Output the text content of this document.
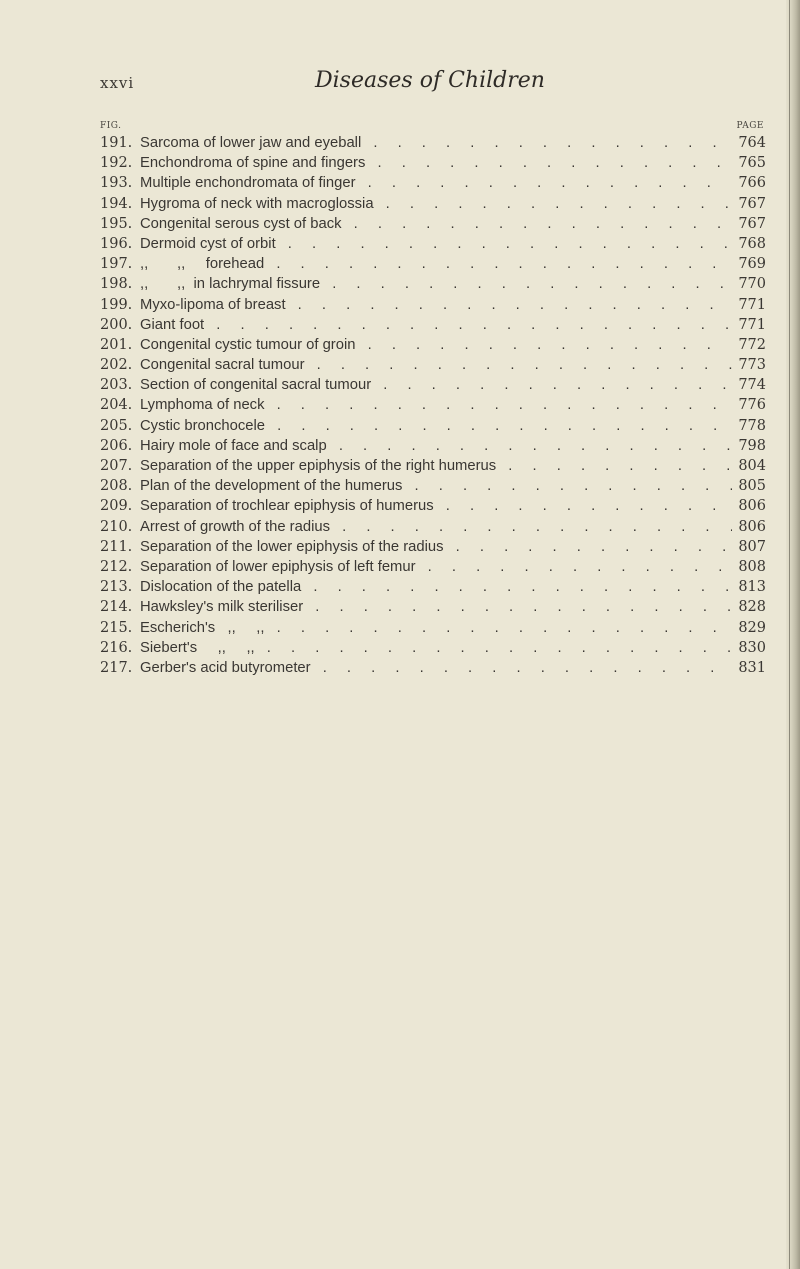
xxvi	Diseases of Children
FIG.	PAGE
191. Sarcoma of lower jaw and eyeball . . .	764
192. Enchondroma of spine and fingers . . .	765
193. Multiple enchondromata of finger . . .	766
194. Hygroma of neck with macroglossia . . .	767
195. Congenital serous cyst of back . . .	767
196. Dermoid cyst of orbit . . .	768
197. ,,       ,,     forehead . . .	769
198. ,,       ,,  in lachrymal fissure . . .	770
199. Myxo-lipoma of breast . . .	771
200. Giant foot . . .	771
201. Congenital cystic tumour of groin . . .	772
202. Congenital sacral tumour . . .	773
203. Section of congenital sacral tumour . . .	774
204. Lymphoma of neck . . .	776
205. Cystic bronchocele . . .	778
206. Hairy mole of face and scalp . . .	798
207. Separation of the upper epiphysis of the right humerus . . .	804
208. Plan of the development of the humerus . . .	805
209. Separation of trochlear epiphysis of humerus . . .	806
210. Arrest of growth of the radius . . .	806
211. Separation of the lower epiphysis of the radius . . .	807
212. Separation of lower epiphysis of left femur . . .	808
213. Dislocation of the patella . . .	813
214. Hawksley's milk steriliser . . .	828
215. Escherich's   ,,     ,, . . .	829
216. Siebert's     ,,     ,, . . .	830
217. Gerber's acid butyrometer . . .	831
